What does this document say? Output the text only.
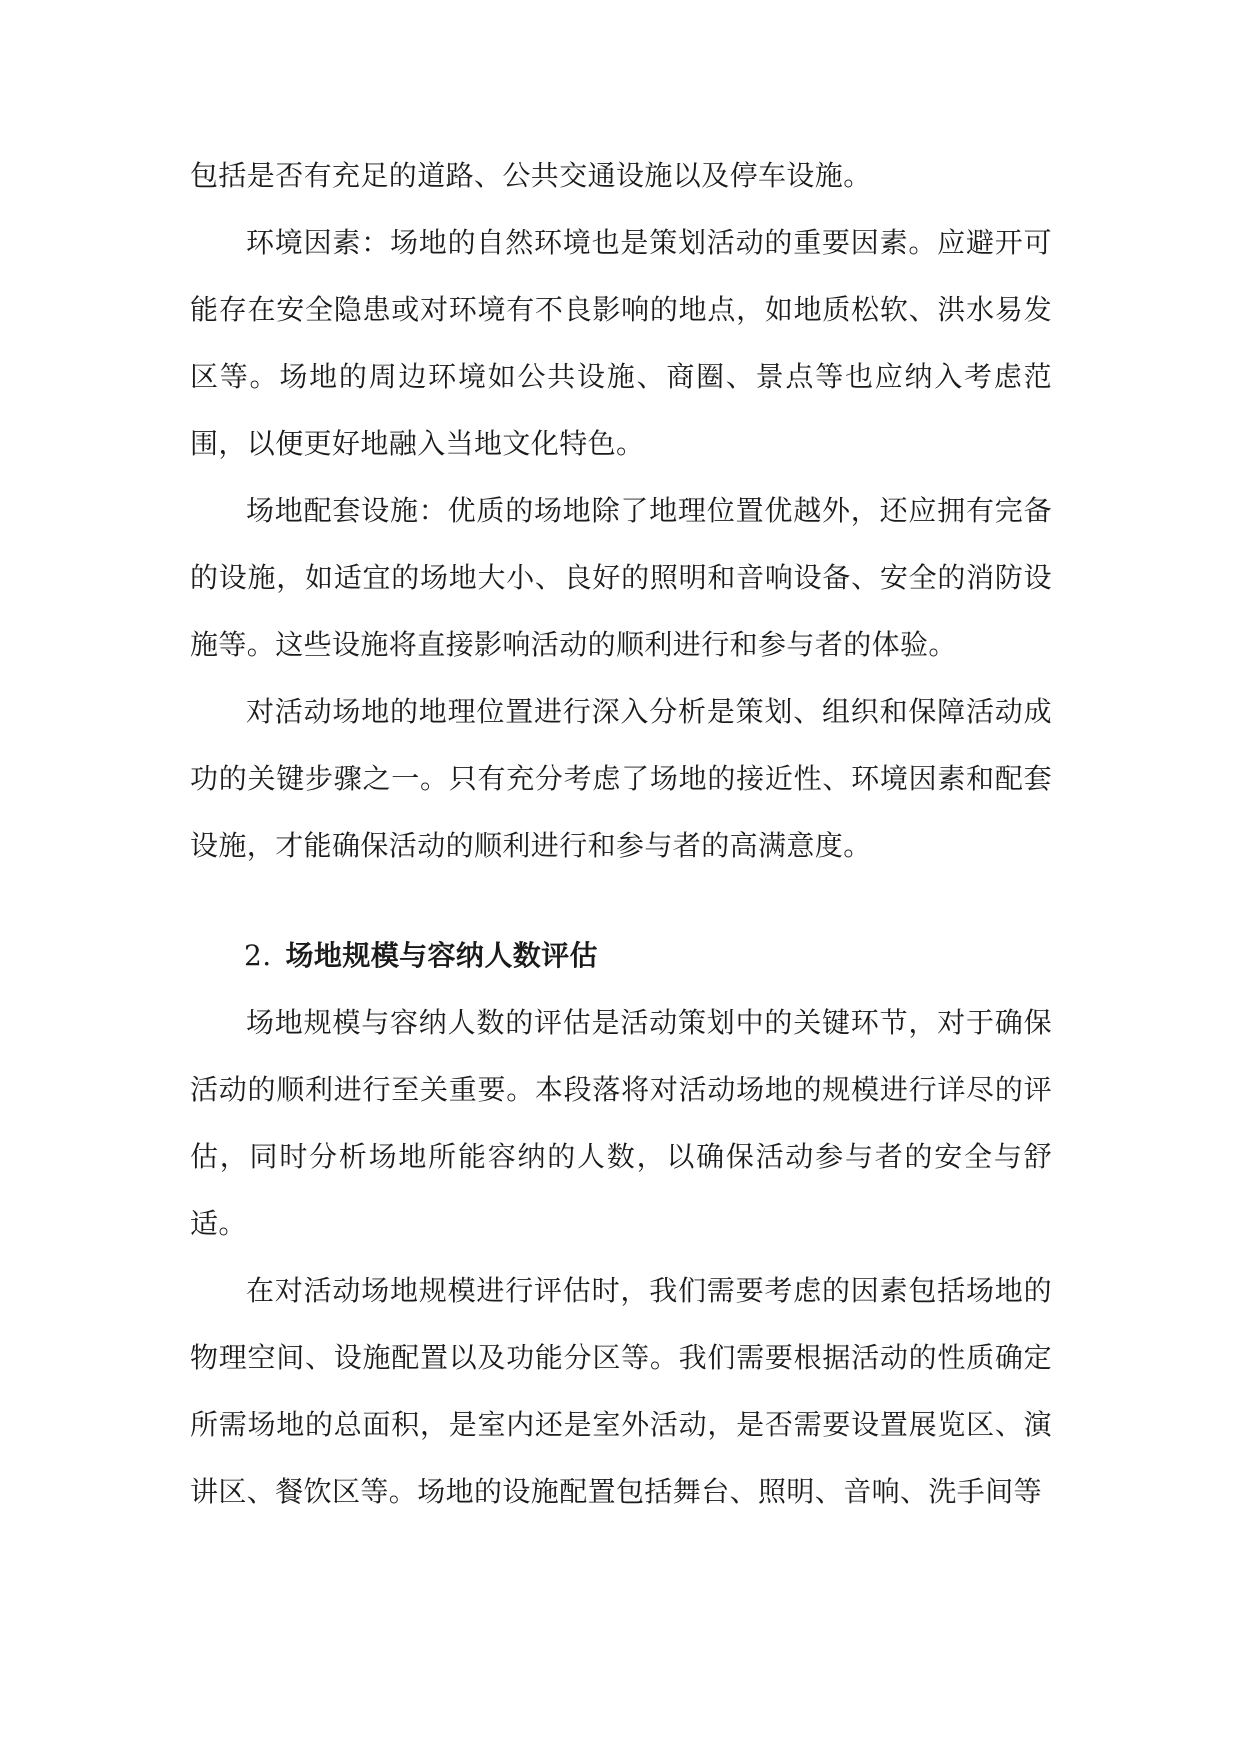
包括是否有充足的道路、公共交通设施以及停车设施。

环境因素：场地的自然环境也是策划活动的重要因素。应避开可能存在安全隐患或对环境有不良影响的地点，如地质松软、洪水易发区等。场地的周边环境如公共设施、商圈、景点等也应纳入考虑范围，以便更好地融入当地文化特色。

场地配套设施：优质的场地除了地理位置优越外，还应拥有完备的设施，如适宜的场地大小、良好的照明和音响设备、安全的消防设施等。这些设施将直接影响活动的顺利进行和参与者的体验。

对活动场地的地理位置进行深入分析是策划、组织和保障活动成功的关键步骤之一。只有充分考虑了场地的接近性、环境因素和配套设施，才能确保活动的顺利进行和参与者的高满意度。

2. 场地规模与容纳人数评估

场地规模与容纳人数的评估是活动策划中的关键环节，对于确保活动的顺利进行至关重要。本段落将对活动场地的规模进行详尽的评估，同时分析场地所能容纳的人数，以确保活动参与者的安全与舒适。

在对活动场地规模进行评估时，我们需要考虑的因素包括场地的物理空间、设施配置以及功能分区等。我们需要根据活动的性质确定所需场地的总面积，是室内还是室外活动，是否需要设置展览区、演讲区、餐饮区等。场地的设施配置包括舞台、照明、音响、洗手间等
